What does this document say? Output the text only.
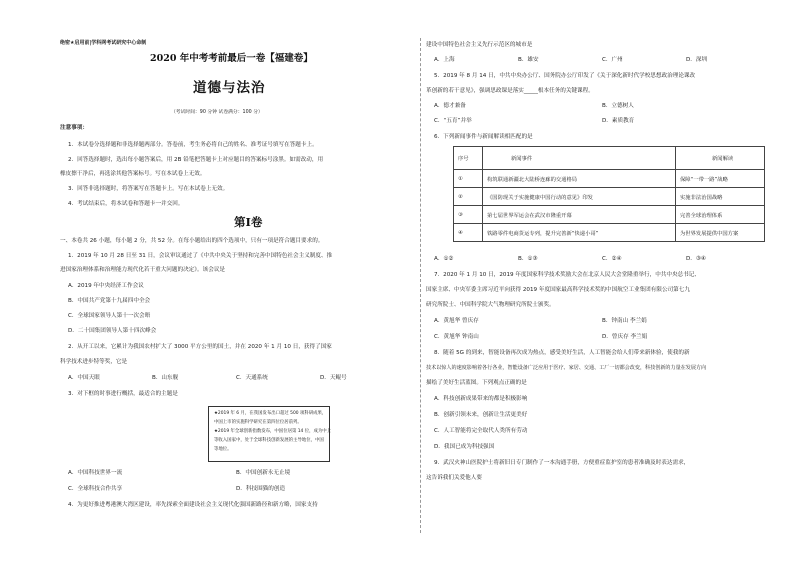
绝密★启用前|学科网考试研究中心命制
2020 年中考考前最后一卷【福建卷】
道德与法治
（考试时间：90 分钟 试卷满分：100 分）
注意事项：
1．本试卷分选择题和非选择题两部分。答卷前，考生务必将自己的姓名、准考证号填写在答题卡上。
2．回答选择题时，选出每小题答案后，用 2B 铅笔把答题卡上对应题目的答案标号涂黑。如需改动，用
橡皮擦干净后，再选涂其他答案标号。写在本试卷上无效。
3．回答非选择题时，将答案写在答题卡上。写在本试卷上无效。
4．考试结束后，将本试卷和答题卡一并交回。
第Ⅰ卷
一、本卷共 26 小题，每小题 2 分，共 52 分。在每小题给出的四个选项中，只有一项是符合题目要求的。
1．2019 年 10 月 28 日至 31 日，会议审议通过了《中共中央关于坚持和完善中国特色社会主义制度、推
进国家治理体系和治理能力现代化若干重大问题的决定》。该会议是
A．2019 年中央经济工作会议
B．中国共产党第十九届四中全会
C．全球国家领导人第十一次会晤
D．二十国集团领导人第十四次峰会
2．从开工以来，它累计为我国农村扩大了 3000 平方公里的国土，并在 2020 年 1 月 10 日，获得了国家
科学技术进步特等奖，它是
A．中国天眼	B．山东舰	C．天通系统	D．天鲲号
3．对下框的时事进行概括，最适合的主题是
★2019 年 6 月，在我国发布出口超过 500 项科研成果，
中国上市的实施科学研究在第四位位居前列。
★2019 年全球创新指数发布，中国位居第 14 位，成为中上
等收入国家中，处于全球科技创新发展的主导地位，中国
等地位。
A．中国科技世界一流	B．中国创新永无止境
C．全球科技合作共享	D．科技围猫的创造
4．为更好推进粤港澳大湾区建设，率先探索全面建设社会主义现代化强国新路径和新方略，国家支持
建设中国特色社会主义先行示范区的城市是
A．上海	B．雄安	C．广州	D．深圳
5．2019 年 8 月 14 日，中共中央办公厅、国务院办公厅印发了《关于深化新时代学校思想政治理论课改
革创新的若干意见》，强调思政课是落实_____根本任务的关键课程。
A．德才兼备	B．立德树人
C．“五育”并举	D．素质教育
6．下列新闻事件与新闻解读相匹配的是
序号	新闻事件	新闻解读
①	构筑联通新疆北大陆桥连廊的交通格局	保障“一带一路”战略
②	《国防现关于实施健康中国行动的意见》印发	实施非法治国战略
③	第七届世界军运会在武汉市隆重开幕	完善全球治理体系
④	铁路零件电商货运专列，提升完善新“快递小哥”	为世界发展提供中国方案
A．①②	B．①③	C．②④	D．③④
7．2020 年 1 月 10 日，2019 年度国家科学技术奖励大会在北京人民大会堂隆重举行，中共中央总书记、
国家主席、中央军委主席习近平向获得 2019 年度国家最高科学技术奖的中国航空工业集团有限公司第七九
研究所院士、中国科学院大气物理研究所院士颁奖。
A．黄旭华 曾庆存	B．钟南山 李兰娟
C．黄旭华 钟南山	D．曾庆存 李兰娟
8．随着 5G 的到来，智能设备再次成为热点，感受美好生活，人工智能会给人们带来新体验，使我的新
技术以惊人的速度影响着各行各业，智能设备广泛应用于医疗、家居、交通、工厂一切都会改变，科技创新的力量在发展方向
描绘了美好生活蓝图。下列观点正确的是
A．科技创新成果带来的都是积极影响
B．创新引领未来，创新让生活更美好
C．人工智能将完全取代人类所有劳动
D．我国已成为科技强国
9．武汉火神山医院护士将新旧日专门制作了一本沟通手册，方便重症监护室的患者准确及时表达需求，
这告诉我们关爱他人要
